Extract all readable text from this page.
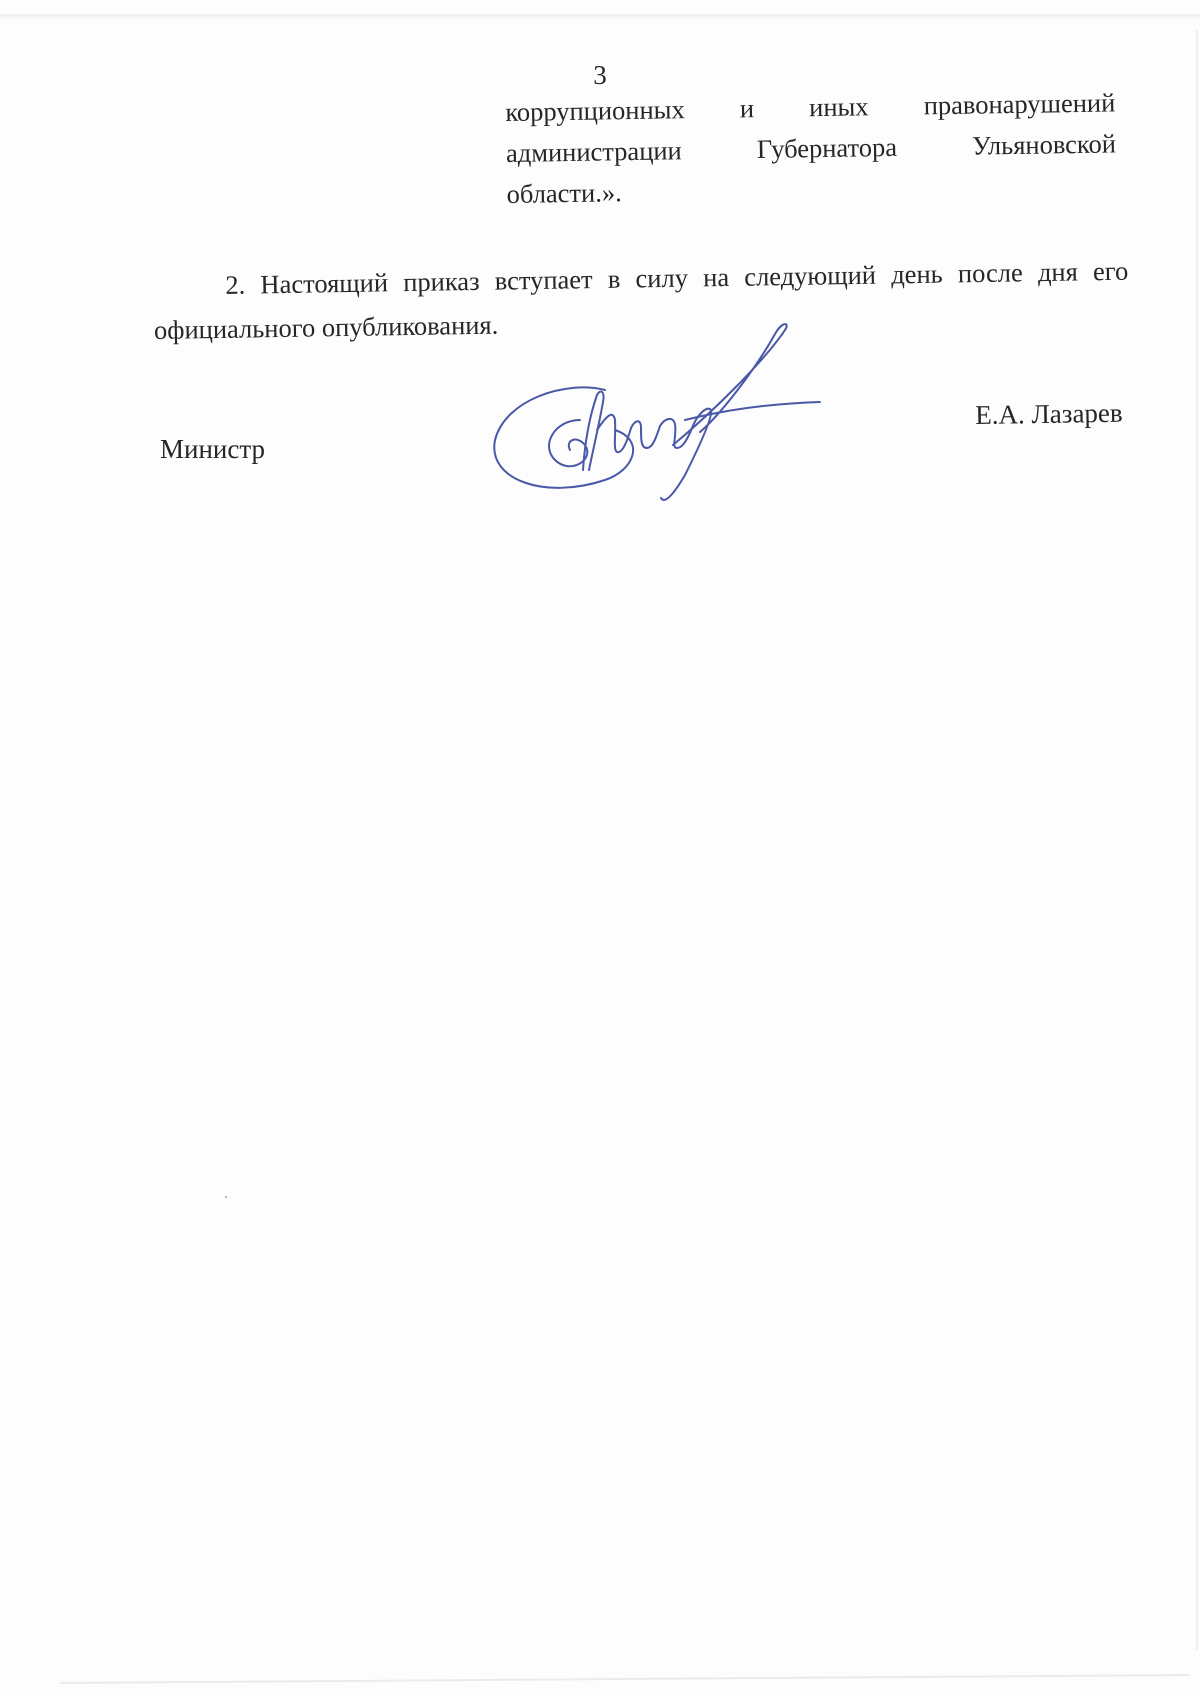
3
коррупционных и иных правонарушений
администрации Губернатора Ульяновской
области.».
2. Настоящий приказ вступает в силу на следующий день после дня его
официального опубликования.
Министр
Е.А. Лазарев
